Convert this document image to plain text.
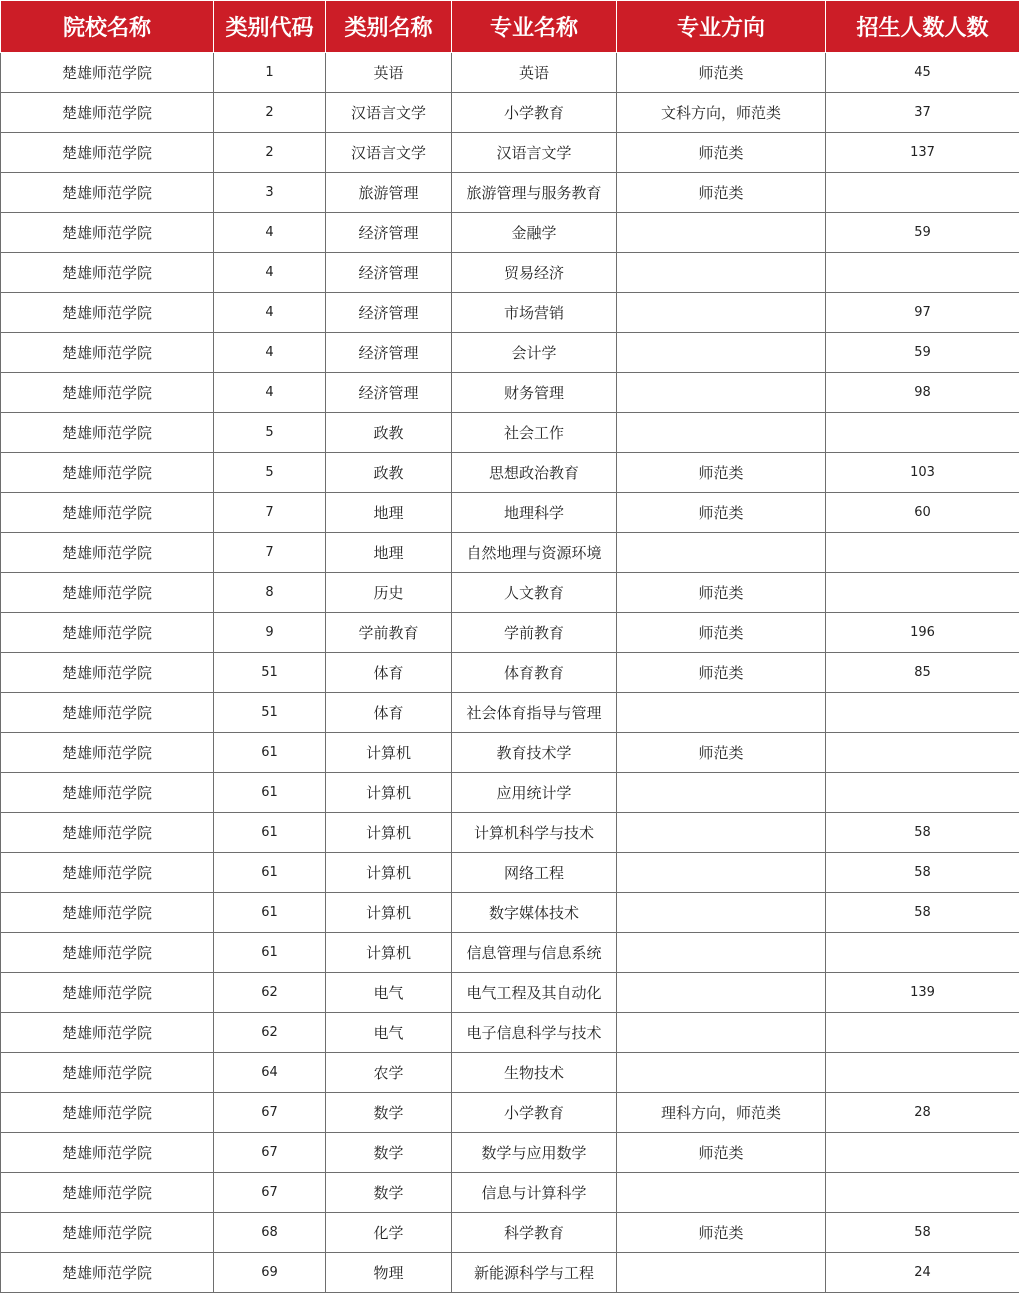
院校名称	类别代码	类别名称	专业名称	专业方向	招生人数人数
楚雄师范学院	1	英语	英语	师范类	45
楚雄师范学院	2	汉语言文学	小学教育	文科方向，师范类	37
楚雄师范学院	2	汉语言文学	汉语言文学	师范类	137
楚雄师范学院	3	旅游管理	旅游管理与服务教育	师范类	
楚雄师范学院	4	经济管理	金融学		59
楚雄师范学院	4	经济管理	贸易经济		
楚雄师范学院	4	经济管理	市场营销		97
楚雄师范学院	4	经济管理	会计学		59
楚雄师范学院	4	经济管理	财务管理		98
楚雄师范学院	5	政教	社会工作		
楚雄师范学院	5	政教	思想政治教育	师范类	103
楚雄师范学院	7	地理	地理科学	师范类	60
楚雄师范学院	7	地理	自然地理与资源环境		
楚雄师范学院	8	历史	人文教育	师范类	
楚雄师范学院	9	学前教育	学前教育	师范类	196
楚雄师范学院	51	体育	体育教育	师范类	85
楚雄师范学院	51	体育	社会体育指导与管理		
楚雄师范学院	61	计算机	教育技术学	师范类	
楚雄师范学院	61	计算机	应用统计学		
楚雄师范学院	61	计算机	计算机科学与技术		58
楚雄师范学院	61	计算机	网络工程		58
楚雄师范学院	61	计算机	数字媒体技术		58
楚雄师范学院	61	计算机	信息管理与信息系统		
楚雄师范学院	62	电气	电气工程及其自动化		139
楚雄师范学院	62	电气	电子信息科学与技术		
楚雄师范学院	64	农学	生物技术		
楚雄师范学院	67	数学	小学教育	理科方向，师范类	28
楚雄师范学院	67	数学	数学与应用数学	师范类	
楚雄师范学院	67	数学	信息与计算科学		
楚雄师范学院	68	化学	科学教育	师范类	58
楚雄师范学院	69	物理	新能源科学与工程		24
